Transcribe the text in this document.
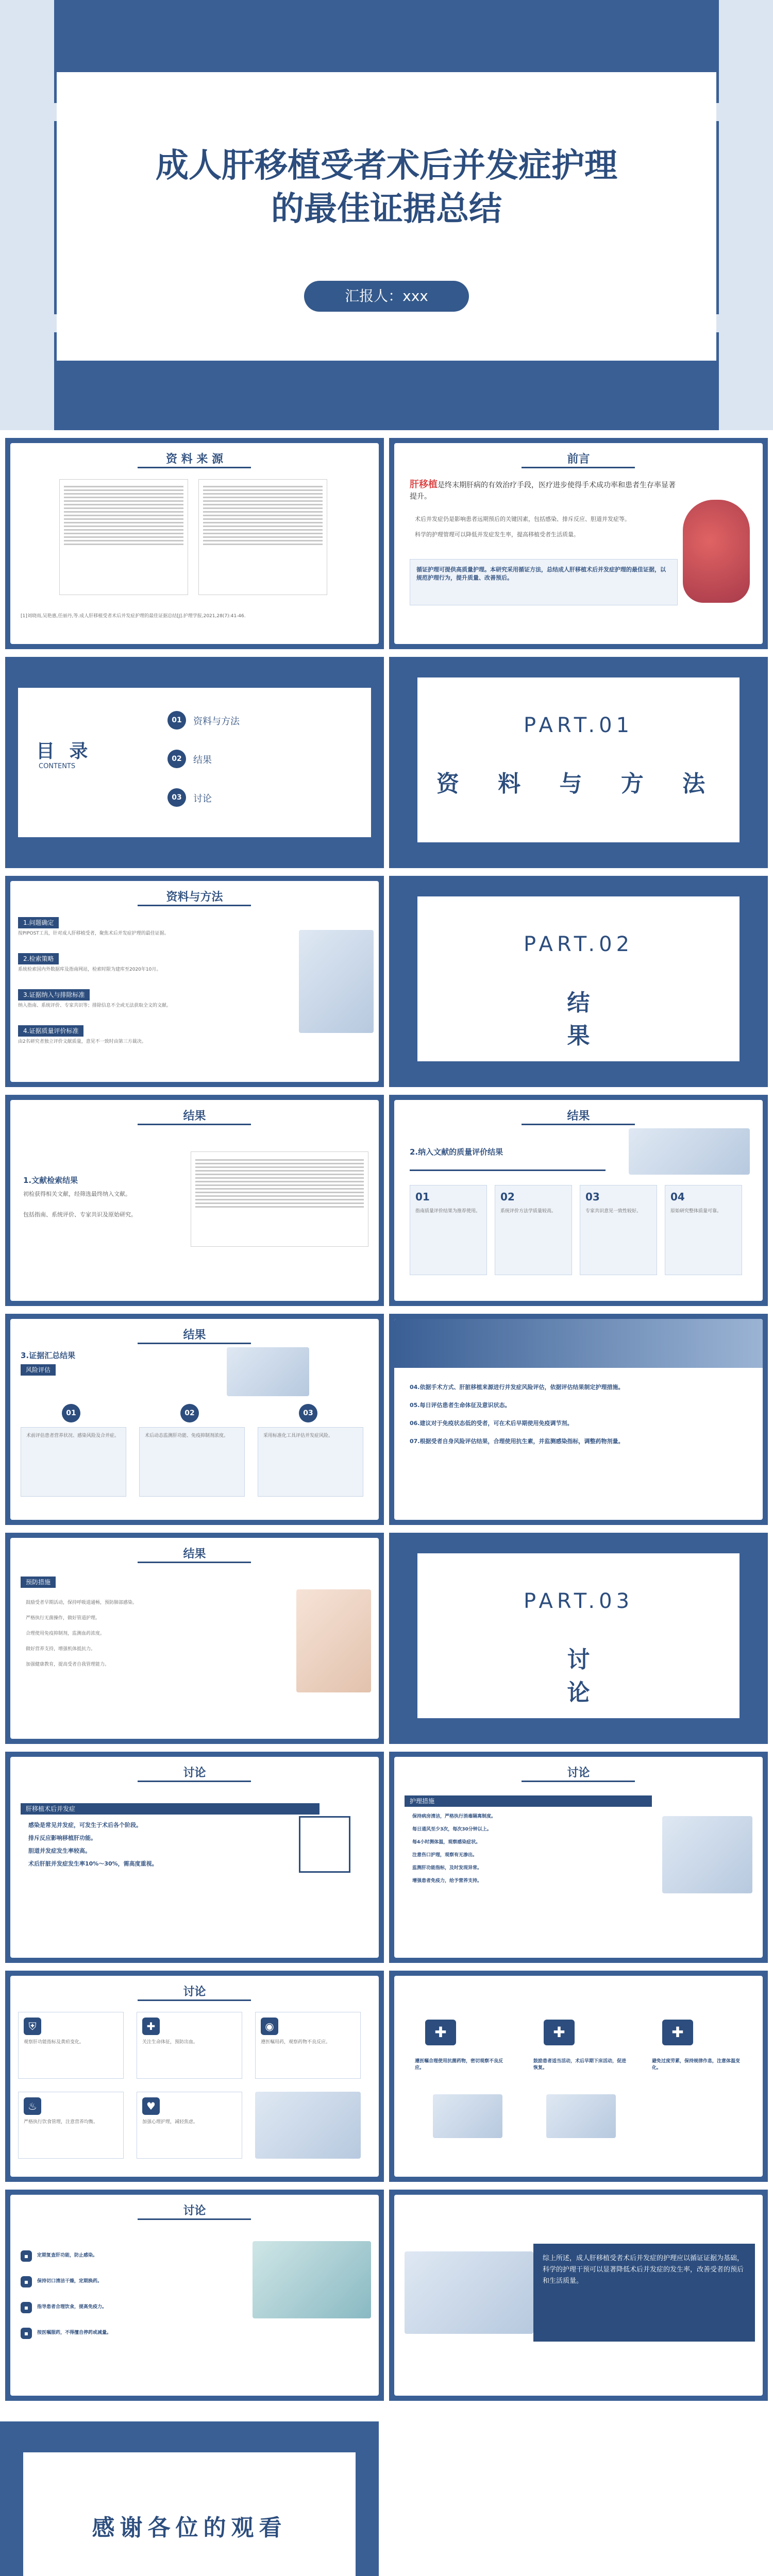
成人肝移植受者术后并发症护理
的最佳证据总结
汇报人：xxx
资 料 来 源
[1]刘晓雨,吴艳惠,任丽丹,等.成人肝移植受者术后并发症护理的最佳证据总结[J].护理学报,2021,28(7):41-46.
前言
肝移植是终末期肝病的有效治疗手段，医疗进步使得手术成功率和患者生存率显著提升。
术后并发症仍是影响患者远期预后的关键因素，包括感染、排斥反应、胆道并发症等。
科学的护理管理可以降低并发症发生率，提高移植受者生活质量。
循证护理可提供高质量护理。本研究采用循证方法，总结成人肝移植术后并发症护理的最佳证据，以规范护理行为，提升质量、改善预后。
目 录
CONTENTS
01	资料与方法
02	结果
03	讨论
PART.01
资 料 与 方 法
资料与方法
1.问题确定
按PIPOST工具，针对成人肝移植受者，聚焦术后并发症护理的最佳证据。
2.检索策略
系统检索国内外数据库及指南网站，检索时限为建库至2020年10月。
3.证据纳入与排除标准
纳入指南、系统评价、专家共识等；排除信息不全或无法获取全文的文献。
4.证据质量评价标准
由2名研究者独立评价文献质量，意见不一致时由第三方裁决。
PART.02
结 果
结果
1.文献检索结果
初检获得相关文献，经筛选最终纳入文献。
包括指南、系统评价、专家共识及原始研究。
结果
2.纳入文献的质量评价结果
01
指南质量评价结果为推荐使用。
02
系统评价方法学质量较高。
03
专家共识意见一致性较好。
04
原始研究整体质量可靠。
结果
3.证据汇总结果
风险评估
01	02	03
术前评估患者营养状况、感染风险及合并症。	术后动态监测肝功能、免疫抑制剂浓度。	采用标准化工具评估并发症风险。
04.依据手术方式、肝脏移植来源进行并发症风险评估，依据评估结果制定护理措施。
05.每日评估患者生命体征及意识状态。
06.建议对于免疫状态低的受者，可在术后早期使用免疫调节剂。
07.根据受者自身风险评估结果，合理使用抗生素，并监测感染指标，调整药物剂量。
结果
预防措施
鼓励受者早期活动，保持呼吸道通畅，预防肺部感染。
严格执行无菌操作，做好管道护理。
合理使用免疫抑制剂，监测血药浓度。
做好营养支持，增强机体抵抗力。
加强健康教育，提高受者自我管理能力。
PART.03
讨 论
讨论
肝移植术后并发症
感染是常见并发症，可发生于术后各个阶段。
排斥反应影响移植肝功能。
胆道并发症发生率较高。
术后肝脏并发症发生率10%～30%，需高度重视。
讨论
护理措施
保持病房清洁，严格执行消毒隔离制度。
每日通风至少3次，每次30分钟以上。
每4小时测体温，观察感染症状。
注意伤口护理，观察有无渗出。
监测肝功能指标，及时发现异常。
增强患者免疫力，给予营养支持。
讨论
⛨
观察肝功能指标及黄疸变化。
✚
关注生命体征，预防出血。
◉
遵医嘱用药，观察药物不良反应。
♨
严格执行饮食管理，注意营养均衡。
♥
加强心理护理，减轻焦虑。
✚	✚	✚
遵医嘱合理使用抗菌药物，密切观察不良反应。
鼓励患者适当活动，术后早期下床活动，促进恢复。
避免过度劳累，保持规律作息，注意体温变化。
讨论
▪	定期复查肝功能，防止感染。
▪	保持切口清洁干燥，定期换药。
▪	指导患者合理饮食，提高免疫力。
▪	按医嘱服药，不得擅自停药或减量。
综上所述，成人肝移植受者术后并发症的护理应以循证证据为基础，科学的护理干预可以显著降低术后并发症的发生率，改善受者的预后和生活质量。
感谢各位的观看
